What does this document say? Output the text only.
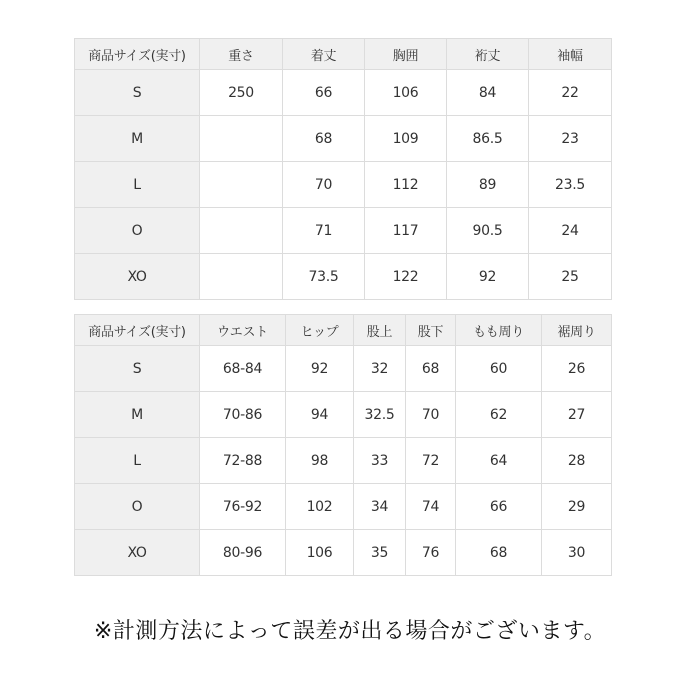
商品サイズ(実寸)	重さ	着丈	胸囲	裄丈	袖幅
S	250	66	106	84	22
M		68	109	86.5	23
L		70	112	89	23.5
O		71	117	90.5	24
XO		73.5	122	92	25
商品サイズ(実寸)	ウエスト	ヒップ	股上	股下	もも周り	裾周り
S	68-84	92	32	68	60	26
M	70-86	94	32.5	70	62	27
L	72-88	98	33	72	64	28
O	76-92	102	34	74	66	29
XO	80-96	106	35	76	68	30
※計測方法によって誤差が出る場合がございます。
